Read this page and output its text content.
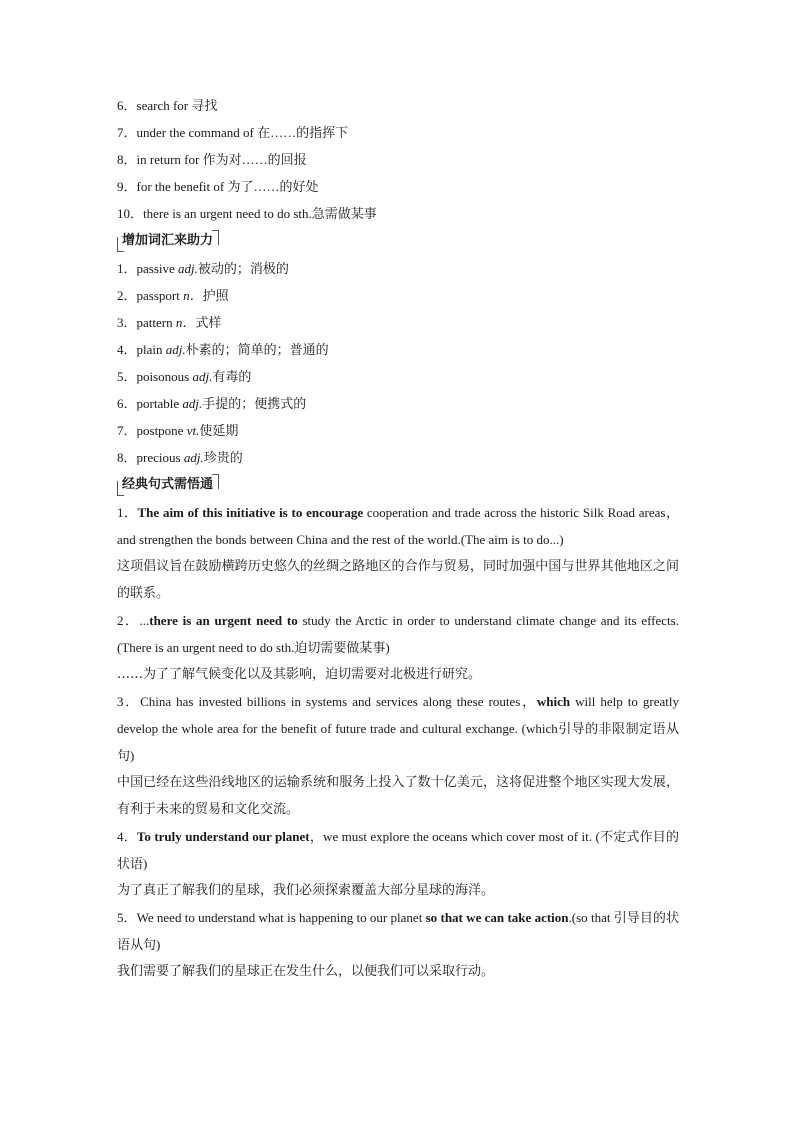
6．search for 寻找
7．under the command of 在……的指挥下
8．in return for 作为对……的回报
9．for the benefit of 为了……的好处
10．there is an urgent need to do sth.急需做某事
增加词汇来助力
1．passive adj.被动的；消极的
2．passport n．护照
3．pattern n．式样
4．plain adj.朴素的；简单的；普通的
5．poisonous adj.有毒的
6．portable adj.手提的；便携式的
7．postpone vt.使延期
8．precious adj.珍贵的
经典句式需悟通

1．The aim of this initiative is to encourage cooperation and trade across the historic Silk Road areas，and strengthen the bonds between China and the rest of the world.(The aim is to do...)

这项倡议旨在鼓励横跨历史悠久的丝绸之路地区的合作与贸易，同时加强中国与世界其他地区之间的联系。

2．...there is an urgent need to study the Arctic in order to understand climate change and its effects.(There is an urgent need to do sth.迫切需要做某事)

……为了了解气候变化以及其影响，迫切需要对北极进行研究。

3．China has invested billions in systems and services along these routes，which will help to greatly develop the whole area for the benefit of future trade and cultural exchange. (which引导的非限制定语从句)

中国已经在这些沿线地区的运输系统和服务上投入了数十亿美元，这将促进整个地区实现大发展，有利于未来的贸易和文化交流。

4．To truly understand our planet，we must explore the oceans which cover most of it. (不定式作目的状语)

为了真正了解我们的星球，我们必须探索覆盖大部分星球的海洋。

5．We need to understand what is happening to our planet so that we can take action.(so that 引导目的状语从句)

我们需要了解我们的星球正在发生什么，以便我们可以采取行动。
